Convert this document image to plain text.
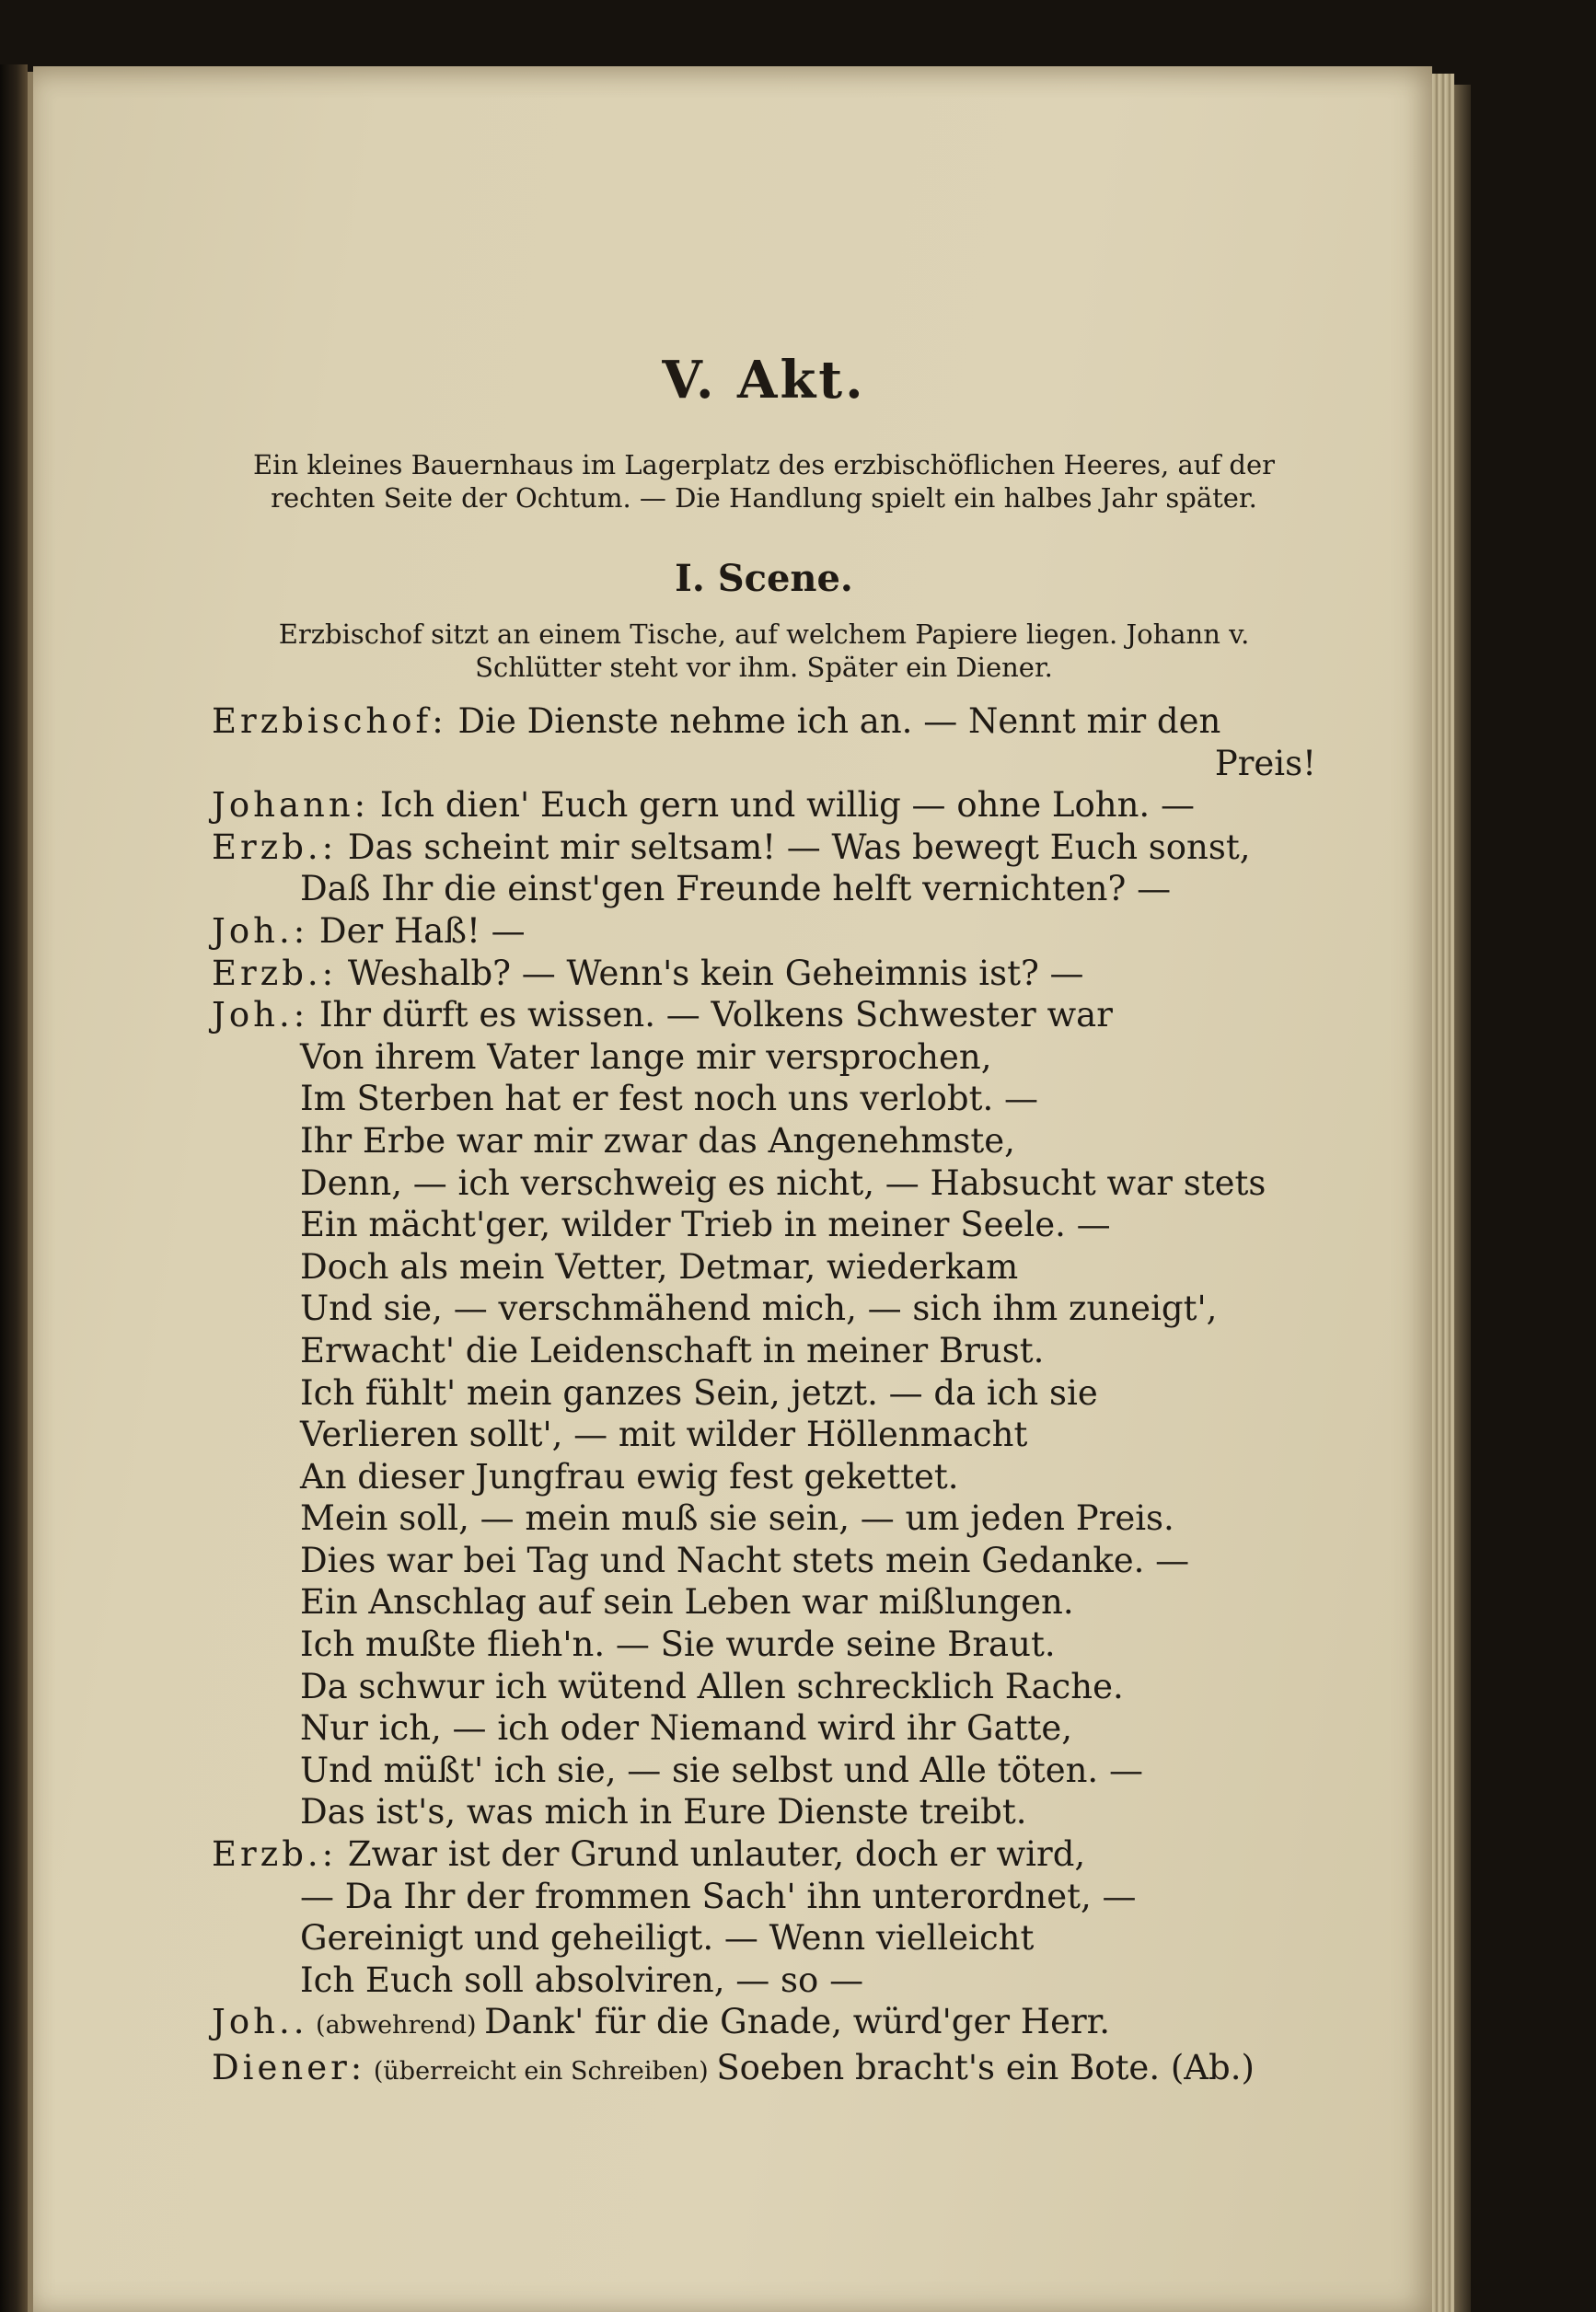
V. Akt.
Ein kleines Bauernhaus im Lagerplatz des erzbischöflichen Heeres, auf der rechten Seite der Ochtum. — Die Handlung spielt ein halbes Jahr später.
I. Scene.
Erzbischof sitzt an einem Tische, auf welchem Papiere liegen. Johann v. Schlütter steht vor ihm. Später ein Diener.
Erzbischof: Die Dienste nehme ich an. — Nennt mir den
Preis!
Johann: Ich dien' Euch gern und willig — ohne Lohn. —
Erzb.: Das scheint mir seltsam! — Was bewegt Euch sonst,
Daß Ihr die einst'gen Freunde helft vernichten? —
Joh.: Der Haß! —
Erzb.: Weshalb? — Wenn's kein Geheimnis ist? —
Joh.: Ihr dürft es wissen. — Volkens Schwester war
Von ihrem Vater lange mir versprochen,
Im Sterben hat er fest noch uns verlobt. —
Ihr Erbe war mir zwar das Angenehmste,
Denn, — ich verschweig es nicht, — Habsucht war stets
Ein mächt'ger, wilder Trieb in meiner Seele. —
Doch als mein Vetter, Detmar, wiederkam
Und sie, — verschmähend mich, — sich ihm zuneigt',
Erwacht' die Leidenschaft in meiner Brust.
Ich fühlt' mein ganzes Sein, jetzt. — da ich sie
Verlieren sollt', — mit wilder Höllenmacht
An dieser Jungfrau ewig fest gekettet.
Mein soll, — mein muß sie sein, — um jeden Preis.
Dies war bei Tag und Nacht stets mein Gedanke. —
Ein Anschlag auf sein Leben war mißlungen.
Ich mußte flieh'n. — Sie wurde seine Braut.
Da schwur ich wütend Allen schrecklich Rache.
Nur ich, — ich oder Niemand wird ihr Gatte,
Und müßt' ich sie, — sie selbst und Alle töten. —
Das ist's, was mich in Eure Dienste treibt.
Erzb.: Zwar ist der Grund unlauter, doch er wird,
— Da Ihr der frommen Sach' ihn unterordnet, —
Gereinigt und geheiligt. — Wenn vielleicht
Ich Euch soll absolviren, — so —
Joh.. (abwehrend) Dank' für die Gnade, würd'ger Herr.
Diener: (überreicht ein Schreiben) Soeben bracht's ein Bote. (Ab.)
